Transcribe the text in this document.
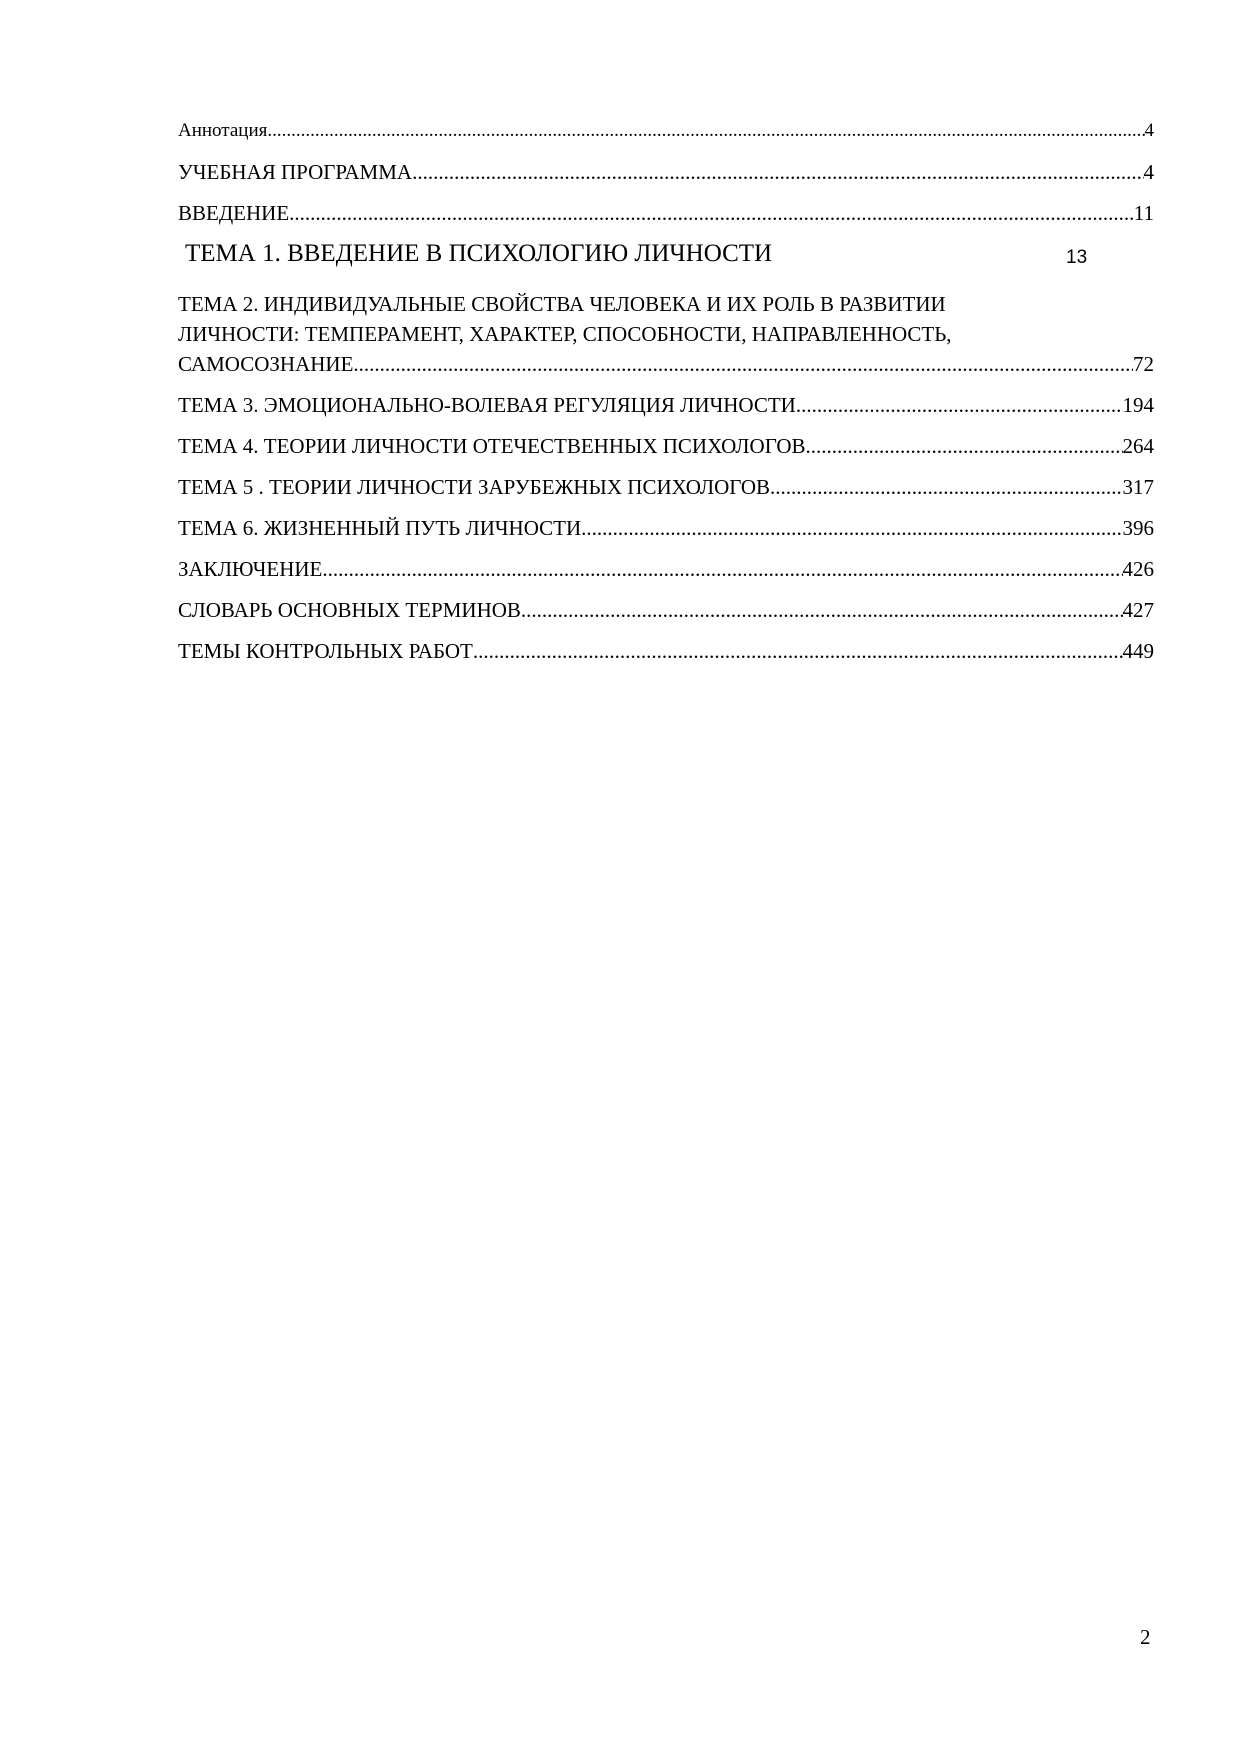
Аннотация .....	4
УЧЕБНАЯ ПРОГРАММА .....	4
ВВЕДЕНИЕ .....	11
ТЕМА 1. ВВЕДЕНИЕ В ПСИХОЛОГИЮ ЛИЧНОСТИ	13
ТЕМА 2. ИНДИВИДУАЛЬНЫЕ СВОЙСТВА ЧЕЛОВЕКА И ИХ РОЛЬ В РАЗВИТИИ
ЛИЧНОСТИ: ТЕМПЕРАМЕНТ, ХАРАКТЕР, СПОСОБНОСТИ, НАПРАВЛЕННОСТЬ,
САМОСОЗНАНИЕ. .....	72
ТЕМА 3. ЭМОЦИОНАЛЬНО-ВОЛЕВАЯ РЕГУЛЯЦИЯ ЛИЧНОСТИ .....	194
ТЕМА 4. ТЕОРИИ ЛИЧНОСТИ ОТЕЧЕСТВЕННЫХ ПСИХОЛОГОВ. .....	264
ТЕМА 5 . ТЕОРИИ ЛИЧНОСТИ ЗАРУБЕЖНЫХ ПСИХОЛОГОВ .....	317
ТЕМА 6. ЖИЗНЕННЫЙ ПУТЬ ЛИЧНОСТИ .....	396
ЗАКЛЮЧЕНИЕ .....	426
СЛОВАРЬ ОСНОВНЫХ ТЕРМИНОВ .....	427
ТЕМЫ КОНТРОЛЬНЫХ РАБОТ .....	449
2
